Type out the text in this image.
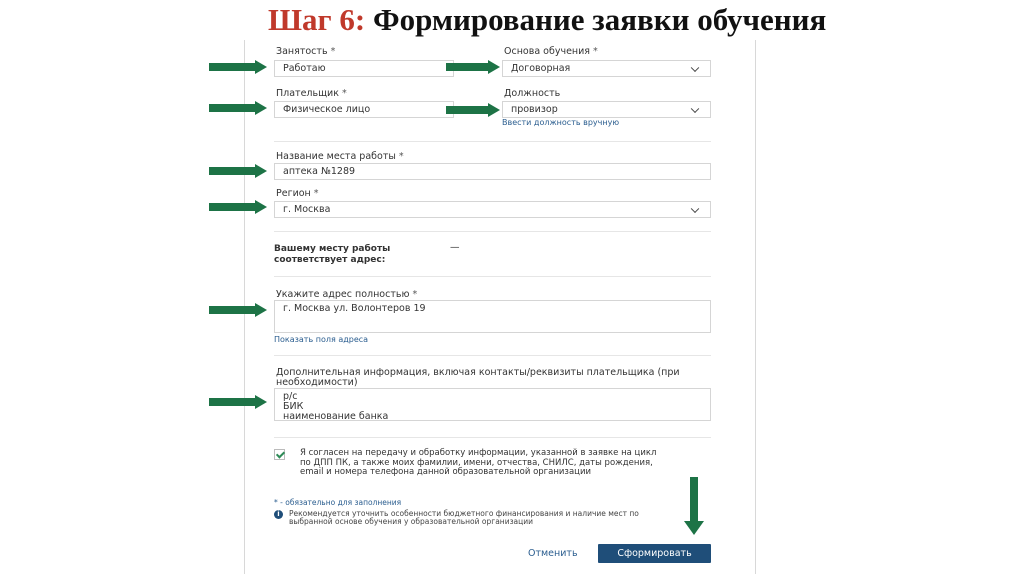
Шаг 6: Формирование заявки обучения
Занятость *
Работаю
Основа обучения *
Договорная
Плательщик *
Физическое лицо
Должность
провизор
Ввести должность вручную
Название места работы *
аптека №1289
Регион *
г. Москва
Вашему месту работы
соответствует адрес:
—
Укажите адрес полностью *
г. Москва ул. Волонтеров 19
Показать поля адреса
Дополнительная информация, включая контакты/реквизиты плательщика (при
необходимости)
р/с
БИК
наименование банка
Я согласен на передачу и обработку информации, указанной в заявке на цикл
по ДПП ПК, а также моих фамилии, имени, отчества, СНИЛС, даты рождения,
email и номера телефона данной образовательной организации
* - обязательно для заполнения
i	Рекомендуется уточнить особенности бюджетного финансирования и наличие мест по
выбранной основе обучения у образовательной организации
Отменить	Сформировать
